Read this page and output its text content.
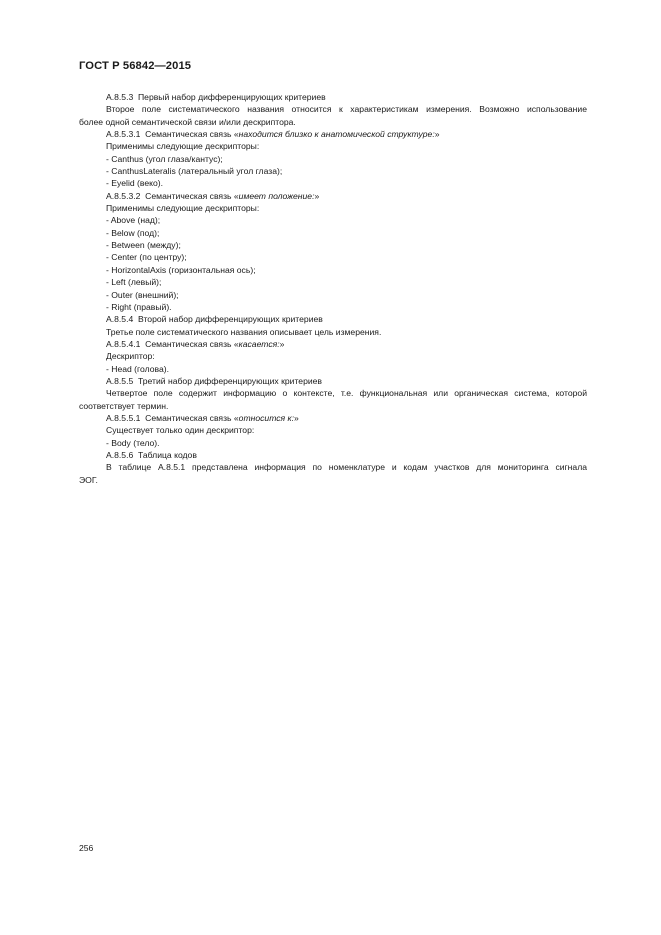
ГОСТ Р 56842—2015

A.8.5.3  Первый набор дифференцирующих критериев

Второе поле систематического названия относится к характеристикам измерения. Возможно использование

более одной семантической связи и/или дескриптора.

A.8.5.3.1  Семантическая связь «находится близко к анатомической структуре:»

Применимы следующие дескрипторы:

- Canthus (угол глаза/кантус);

- CanthusLateralis (латеральный угол глаза);

- Eyelid (веко).

A.8.5.3.2  Семантическая связь «имеет положение:»

Применимы следующие дескрипторы:

- Above (над);

- Below (под);

- Between (между);

- Center (по центру);

- HorizontalAxis (горизонтальная ось);

- Left (левый);

- Outer (внешний);

- Right (правый).

A.8.5.4  Второй набор дифференцирующих критериев

Третье поле систематического названия описывает цель измерения.

A.8.5.4.1  Семантическая связь «касается:»

Дескриптор:

- Head (голова).

A.8.5.5  Третий набор дифференцирующих критериев

Четвертое поле содержит информацию о контексте, т.е. функциональная или органическая система, которой

соответствует термин.

A.8.5.5.1  Семантическая связь «относится к:»

Существует только один дескриптор:

- Body (тело).

A.8.5.6  Таблица кодов

В таблице А.8.5.1 представлена информация по номенклатуре и кодам участков для мониторинга сигнала

ЭОГ.

256
